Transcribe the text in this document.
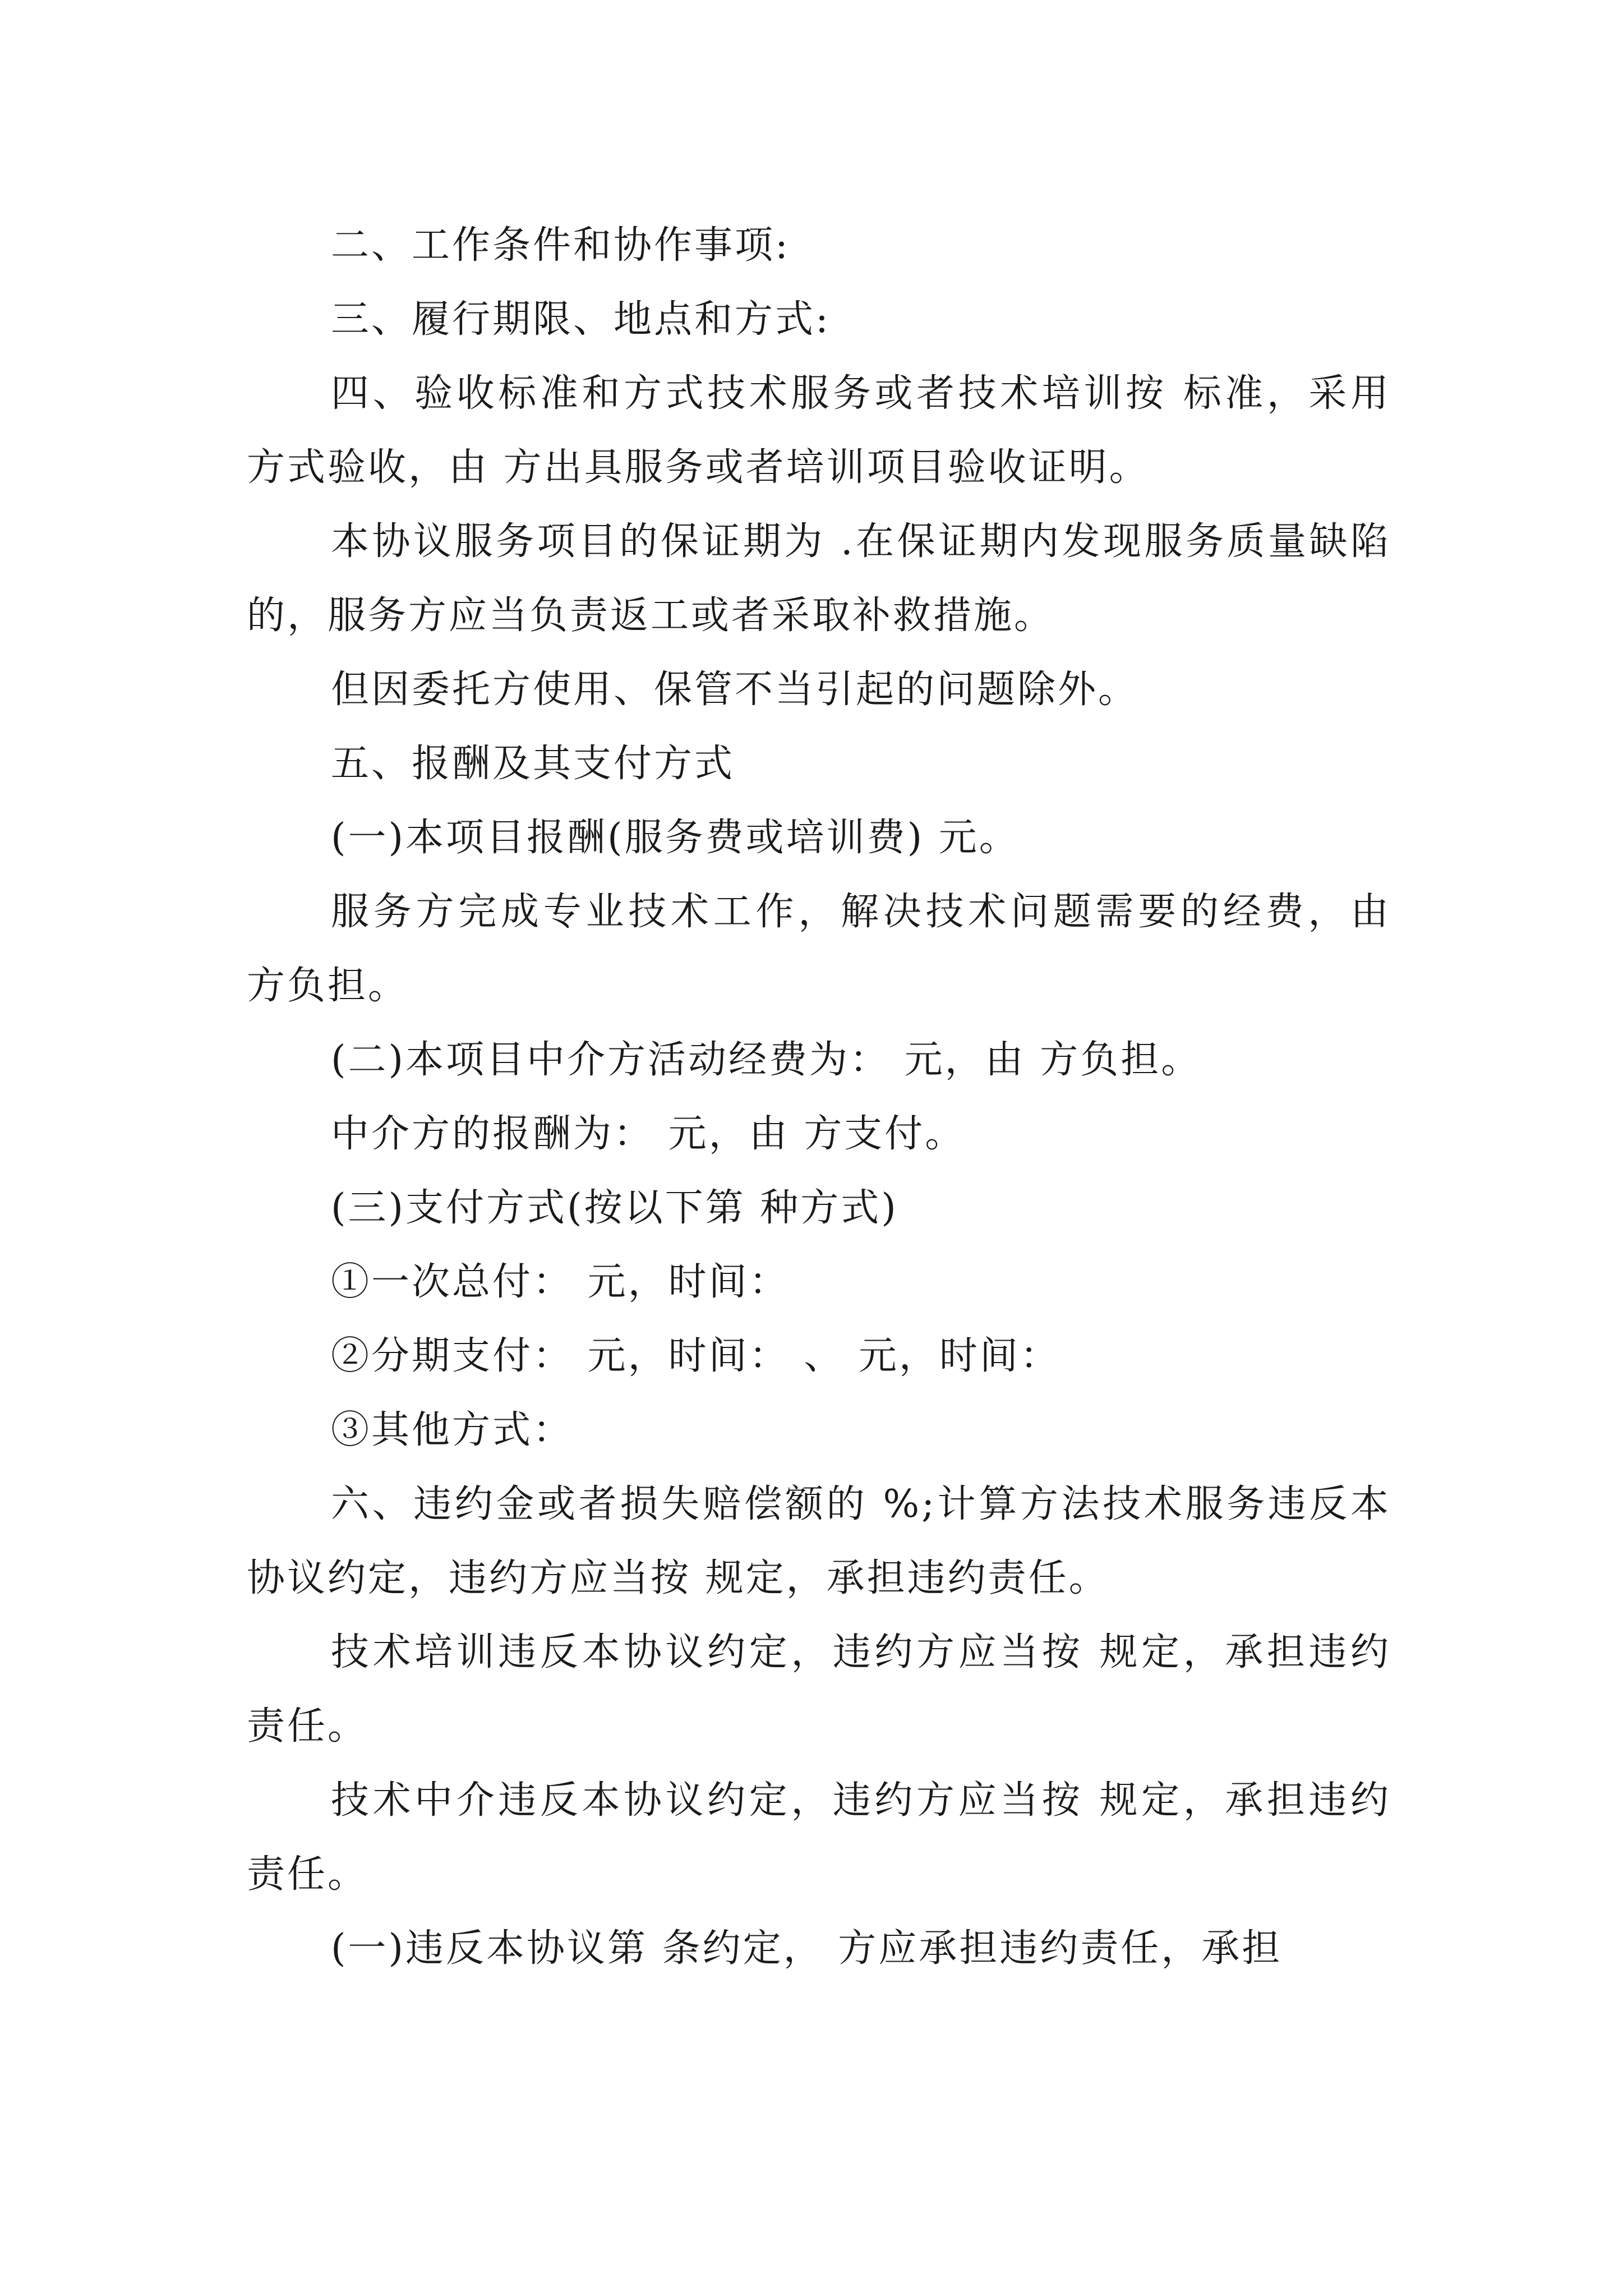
二、工作条件和协作事项:

三、履行期限、地点和方式:

四、验收标准和方式技术服务或者技术培训按 标准，采用 方式验收，由 方出具服务或者培训项目验收证明。

本协议服务项目的保证期为 .在保证期内发现服务质量缺陷的，服务方应当负责返工或者采取补救措施。

但因委托方使用、保管不当引起的问题除外。

五、报酬及其支付方式

(一)本项目报酬(服务费或培训费) 元。

服务方完成专业技术工作，解决技术问题需要的经费，由 方负担。

(二)本项目中介方活动经费为： 元，由 方负担。

中介方的报酬为： 元，由 方支付。

(三)支付方式(按以下第 种方式)

①一次总付： 元，时间：

②分期支付： 元，时间： 、 元，时间：

③其他方式：

六、违约金或者损失赔偿额的 %;计算方法技术服务违反本协议约定，违约方应当按 规定，承担违约责任。

技术培训违反本协议约定，违约方应当按 规定，承担违约责任。

技术中介违反本协议约定，违约方应当按 规定，承担违约责任。

(一)违反本协议第 条约定， 方应承担违约责任，承担
